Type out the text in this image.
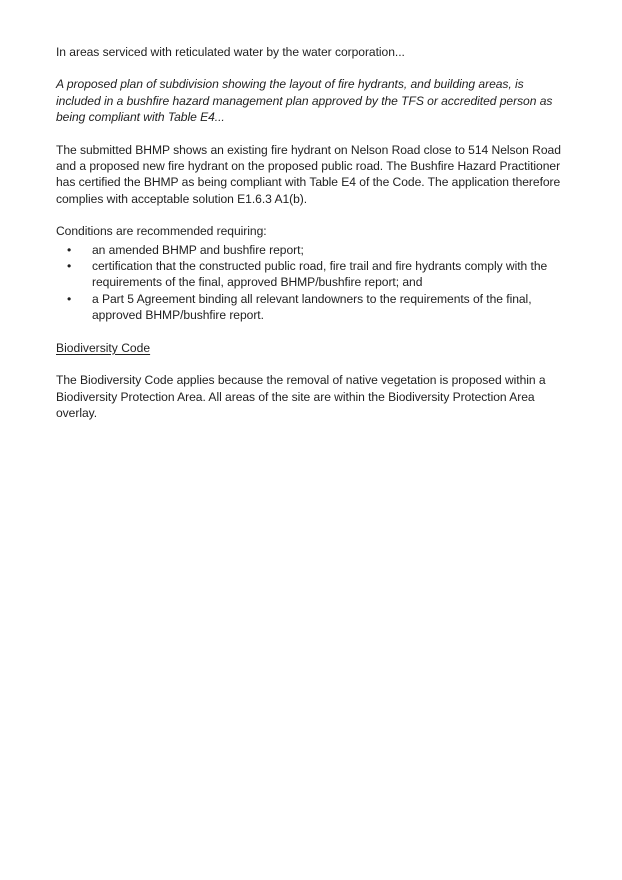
In areas serviced with reticulated water by the water corporation...

A proposed plan of subdivision showing the layout of fire hydrants, and building areas, is included in a bushfire hazard management plan approved by the TFS or accredited person as being compliant with Table E4...

The submitted BHMP shows an existing fire hydrant on Nelson Road close to 514 Nelson Road and a proposed new fire hydrant on the proposed public road. The Bushfire Hazard Practitioner has certified the BHMP as being compliant with Table E4 of the Code. The application therefore complies with acceptable solution E1.6.3 A1(b).

Conditions are recommended requiring:

• an amended BHMP and bushfire report;
• certification that the constructed public road, fire trail and fire hydrants comply with the requirements of the final, approved BHMP/bushfire report; and
• a Part 5 Agreement binding all relevant landowners to the requirements of the final, approved BHMP/bushfire report.
Biodiversity Code

The Biodiversity Code applies because the removal of native vegetation is proposed within a Biodiversity Protection Area. All areas of the site are within the Biodiversity Protection Area overlay.
